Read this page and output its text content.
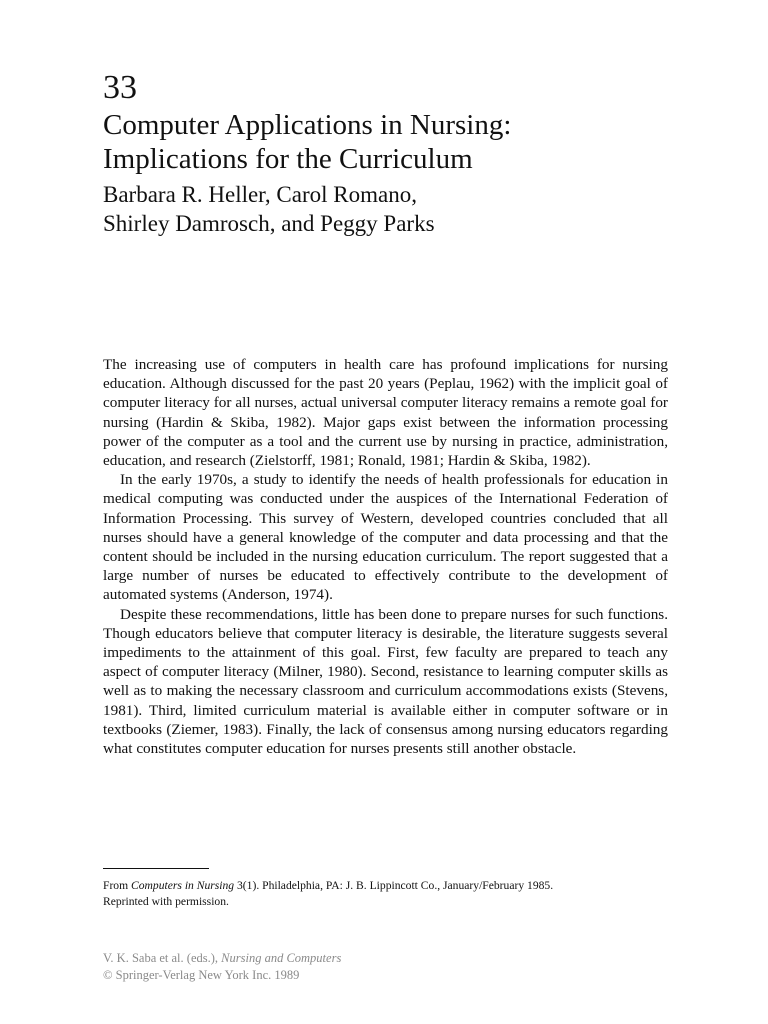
33
Computer Applications in Nursing:
Implications for the Curriculum
Barbara R. Heller, Carol Romano,
Shirley Damrosch, and Peggy Parks

The increasing use of computers in health care has profound implications for nursing education. Although discussed for the past 20 years (Peplau, 1962) with the implicit goal of computer literacy for all nurses, actual universal computer literacy remains a remote goal for nursing (Hardin & Skiba, 1982). Major gaps exist between the information processing power of the computer as a tool and the current use by nursing in practice, administration, education, and research (Zielstorff, 1981; Ronald, 1981; Hardin & Skiba, 1982).

In the early 1970s, a study to identify the needs of health professionals for education in medical computing was conducted under the auspices of the International Federation of Information Processing. This survey of Western, developed countries concluded that all nurses should have a general knowledge of the computer and data processing and that the content should be included in the nursing education curriculum. The report suggested that a large number of nurses be educated to effectively contribute to the development of automated systems (Anderson, 1974).

Despite these recommendations, little has been done to prepare nurses for such functions. Though educators believe that computer literacy is desirable, the literature suggests several impediments to the attainment of this goal. First, few faculty are prepared to teach any aspect of computer literacy (Milner, 1980). Second, resistance to learning computer skills as well as to making the necessary classroom and curriculum accommodations exists (Stevens, 1981). Third, limited curriculum material is available either in computer software or in textbooks (Ziemer, 1983). Finally, the lack of consensus among nursing educators regarding what constitutes computer education for nurses presents still another obstacle.

From Computers in Nursing 3(1). Philadelphia, PA: J. B. Lippincott Co., January/February 1985.
Reprinted with permission.

V. K. Saba et al. (eds.), Nursing and Computers
© Springer-Verlag New York Inc. 1989
